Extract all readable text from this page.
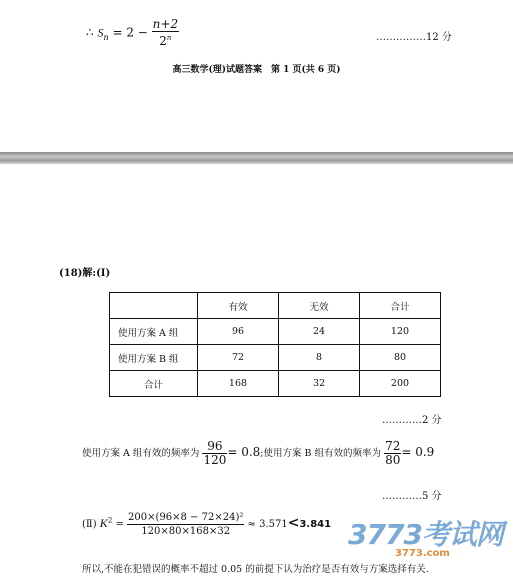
∴ $S_n = 2 - \frac{n+2}{2^n}$	……………12 分
高三数学(理)试题答案　第 1 页(共 6 页)
(18)解:(Ⅰ)
	有效	无效	合计
使用方案 A 组	96	24	120
使用方案 B 组	72	8	80
合计	168	32	200
…………2 分
使用方案 A 组有效的频率为 $\frac{96}{120} = 0.8$;使用方案 B 组有效的频率为 $\frac{72}{80} = 0.9$
…………5 分
(Ⅱ) $K^2 = \frac{\text{200×(96×8 − 72×24)²}}{120\times 80\times 168\times 32} \approx 3.571<3.841$ 3773考试网
3773.com
所以,不能在犯错误的概率不超过 0.05 的前提下认为治疗是否有效与方案选择有关.
